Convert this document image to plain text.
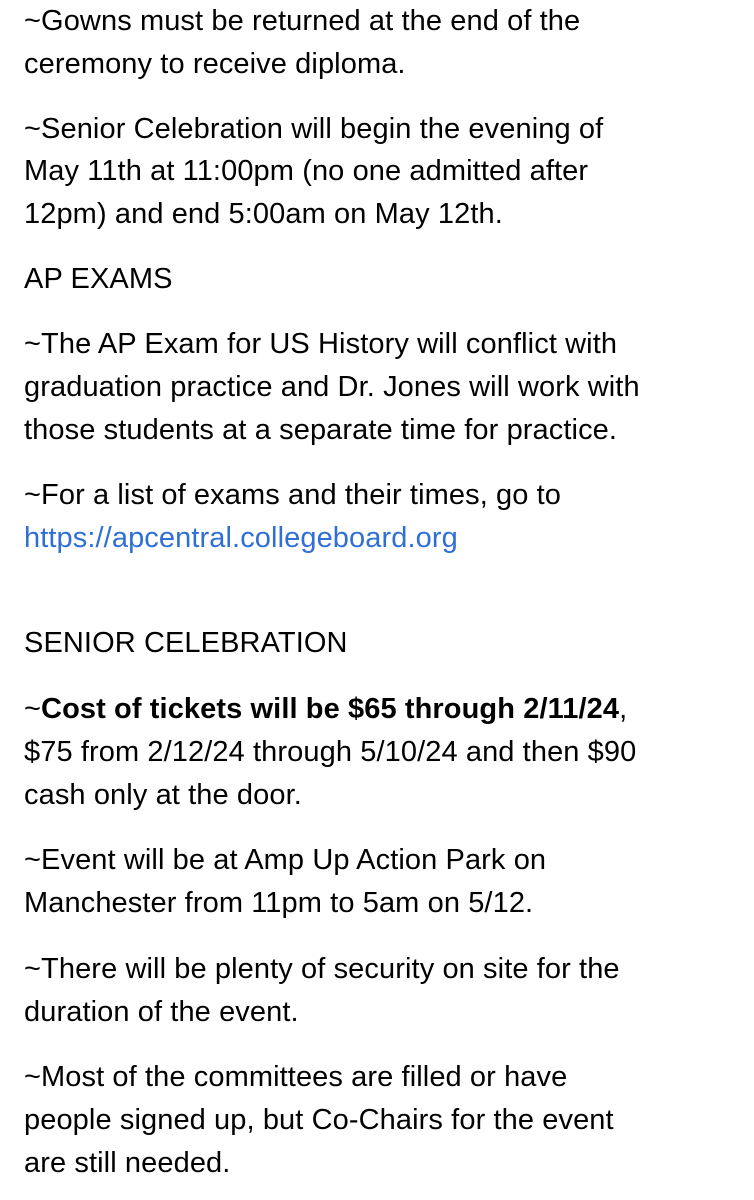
~Gowns must be returned at the end of the
ceremony to receive diploma.
~Senior Celebration will begin the evening of
May 11th at 11:00pm (no one admitted after
12pm) and end 5:00am on May 12th.
AP EXAMS
~The AP Exam for US History will conflict with
graduation practice and Dr. Jones will work with
those students at a separate time for practice.
~For a list of exams and their times, go to
https://apcentral.collegeboard.org
SENIOR CELEBRATION
~Cost of tickets will be $65 through 2/11/24,
$75 from 2/12/24 through 5/10/24 and then $90
cash only at the door.
~Event will be at Amp Up Action Park on
Manchester from 11pm to 5am on 5/12.
~There will be plenty of security on site for the
duration of the event.
~Most of the committees are filled or have
people signed up, but Co-Chairs for the event
are still needed.
